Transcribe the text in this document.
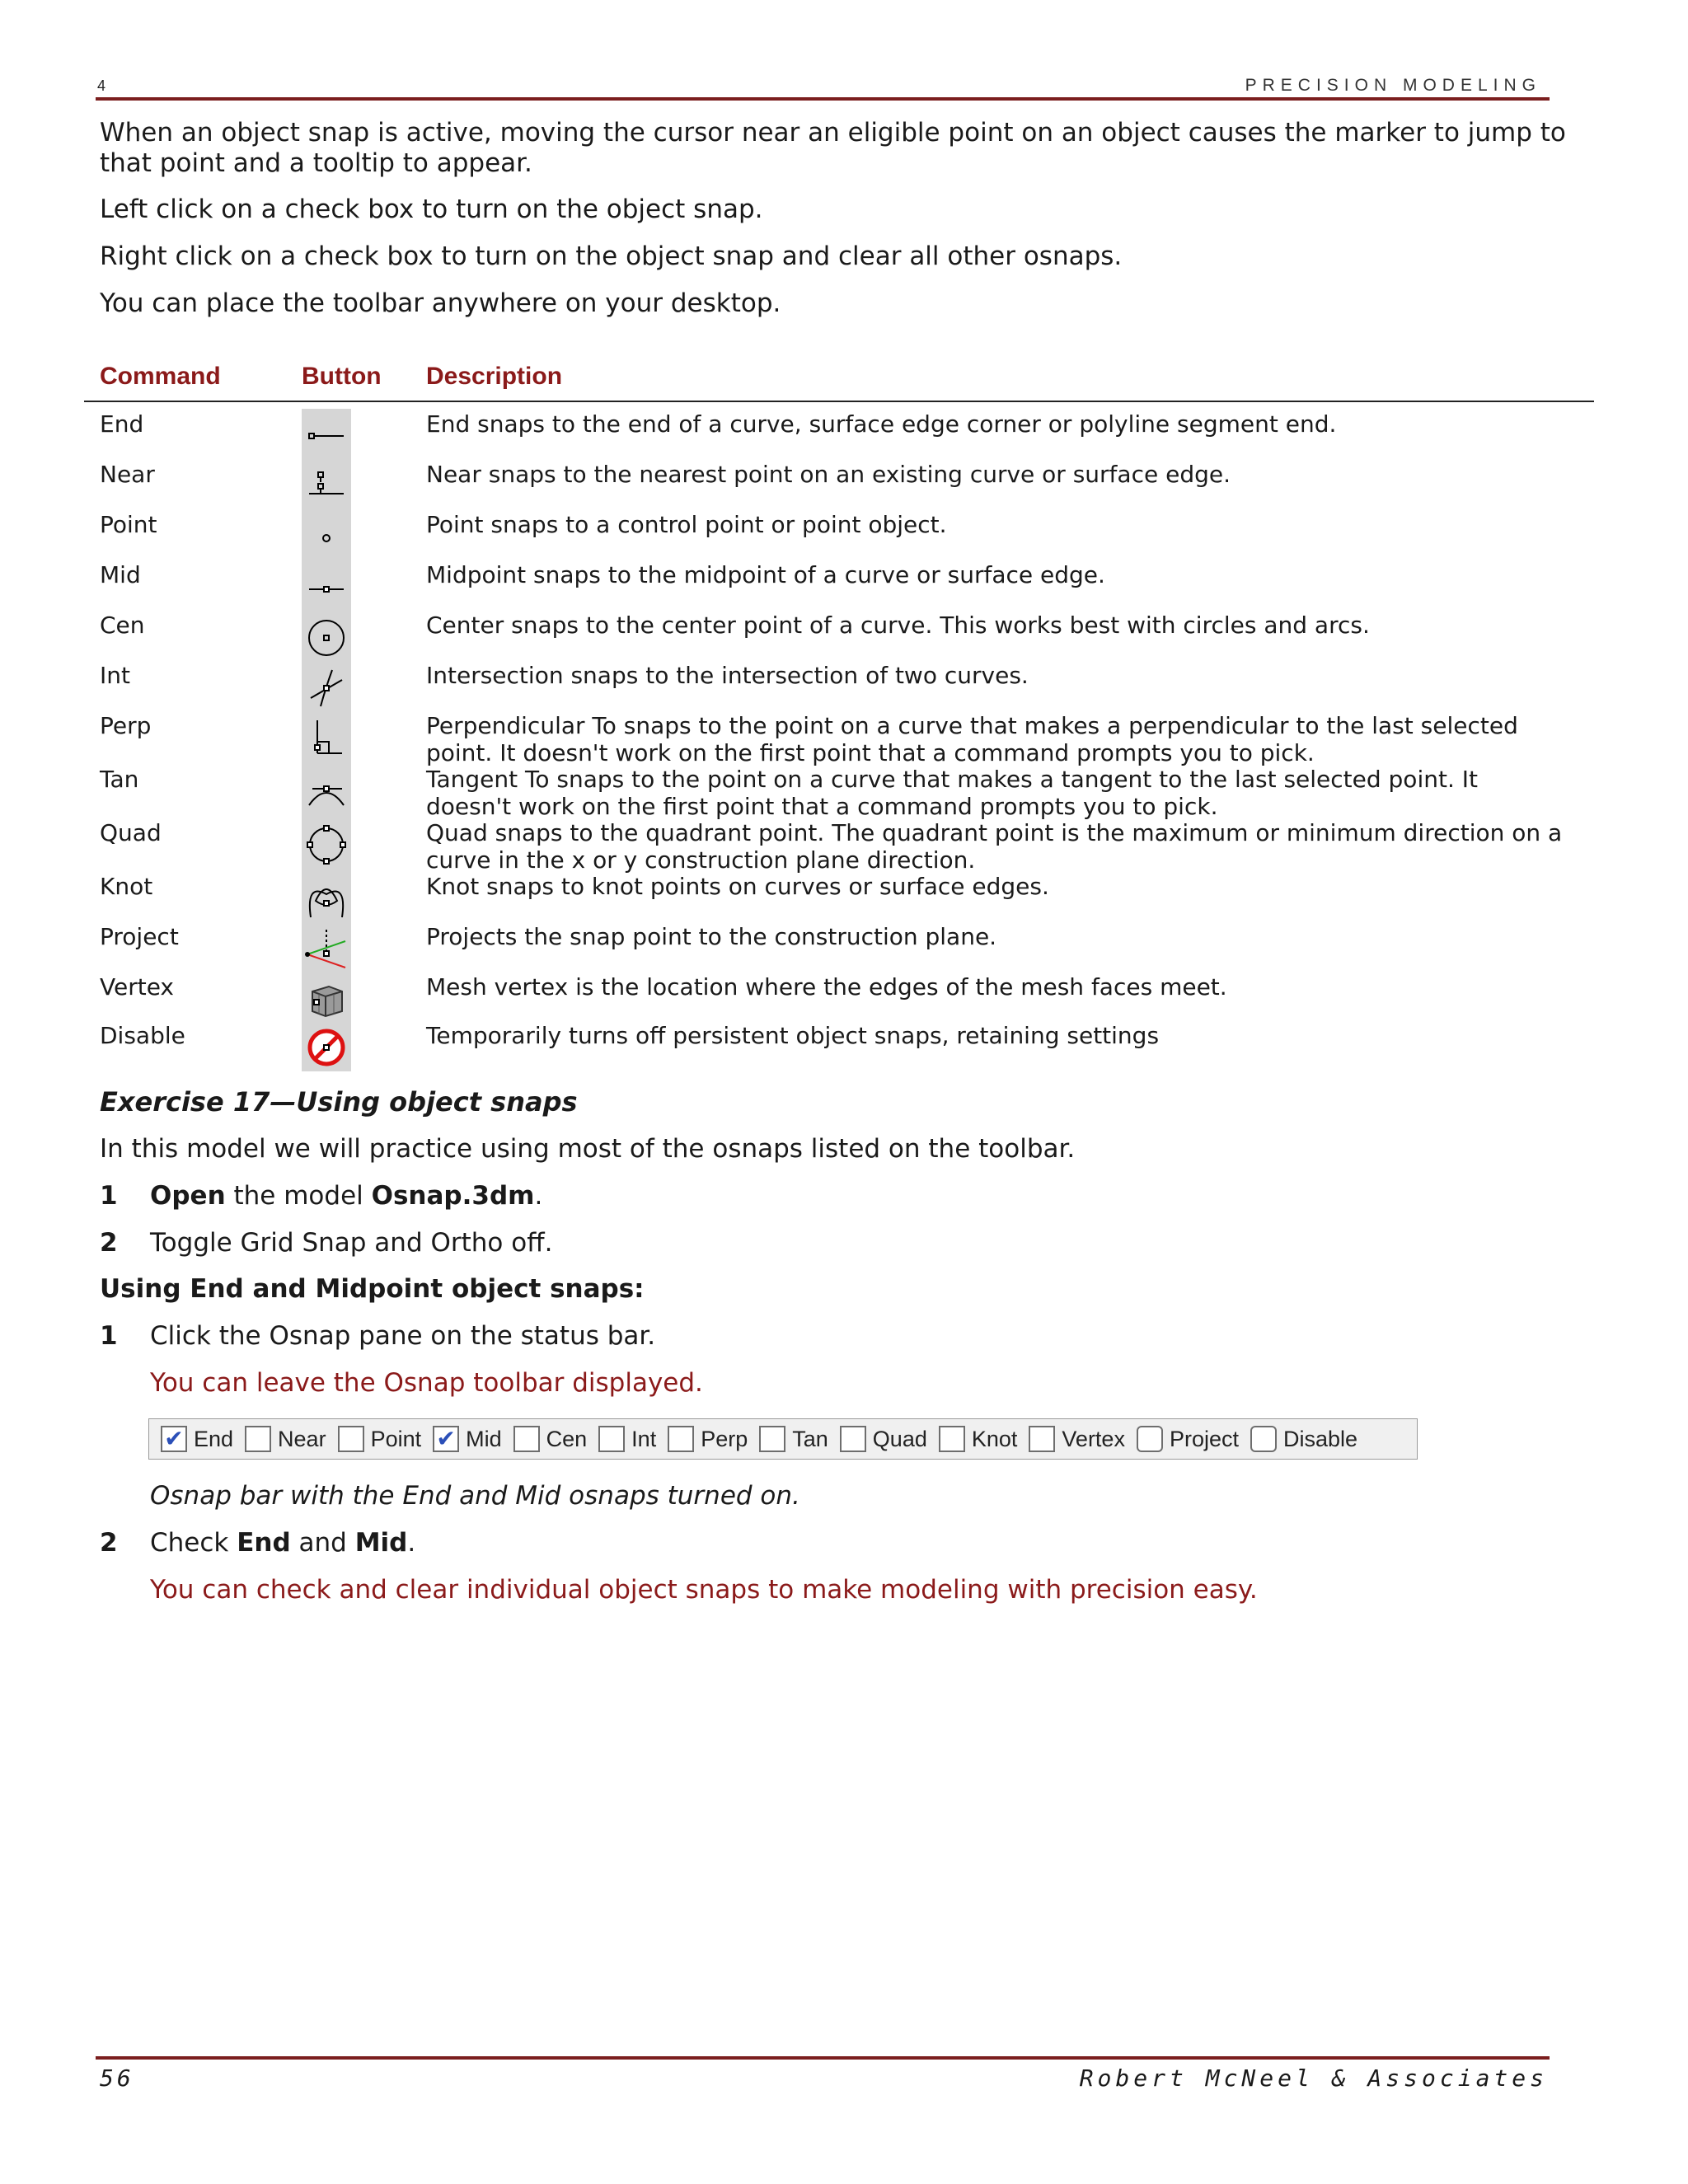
4	PRECISION MODELING

When an object snap is active, moving the cursor near an eligible point on an object causes the marker to jump to that point and a tooltip to appear.

Left click on a check box to turn on the object snap.

Right click on a check box to turn on the object snap and clear all other osnaps.

You can place the toolbar anywhere on your desktop.

Command	Button Description
End	End snaps to the end of a curve, surface edge corner or polyline segment end.
Near	Near snaps to the nearest point on an existing curve or surface edge.
Point	Point snaps to a control point or point object.
Mid	Midpoint snaps to the midpoint of a curve or surface edge.
Cen	Center snaps to the center point of a curve. This works best with circles and arcs.
Int	Intersection snaps to the intersection of two curves.
Perp	Perpendicular To snaps to the point on a curve that makes a perpendicular to the last selected point. It doesn't work on the first point that a command prompts you to pick.
Tan	Tangent To snaps to the point on a curve that makes a tangent to the last selected point. It doesn't work on the first point that a command prompts you to pick.
Quad	Quad snaps to the quadrant point. The quadrant point is the maximum or minimum direction on a curve in the x or y construction plane direction.
Knot	Knot snaps to knot points on curves or surface edges.
Project	Projects the snap point to the construction plane.
Vertex	Mesh vertex is the location where the edges of the mesh faces meet.
Disable	Temporarily turns off persistent object snaps, retaining settings
Exercise 17—Using object snaps

In this model we will practice using most of the osnaps listed on the toolbar.

1 Open the model Osnap.3dm.
2 Toggle Grid Snap and Ortho off.

Using End and Midpoint object snaps:

1 Click the Osnap pane on the status bar.
You can leave the Osnap toolbar displayed.
✔ End Near Point ✔ Mid Cen Int Perp Tan Quad Knot Vertex Project Disable
Osnap bar with the End and Mid osnaps turned on.
2 Check End and Mid.
You can check and clear individual object snaps to make modeling with precision easy.
56	Robert McNeel & Associates
